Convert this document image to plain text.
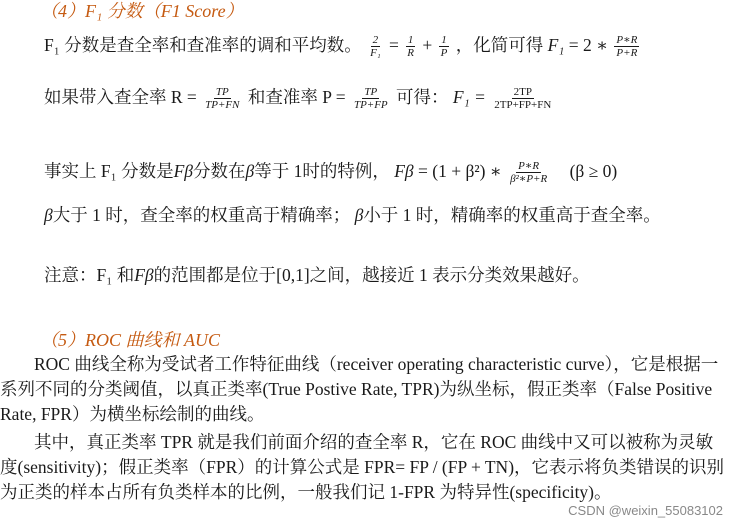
（4）F₁ 分数（F1 Score）
F₁ 分数是查全率和查准率的调和平均数。 $\frac{2}{\text{F₁}} = \frac{1}{R} + \frac{1}{P}$ ，化简可得 F₁ = 2 ∗ $\frac{P∗R}{P+R}$
如果带入查全率 $R = \frac{TP}{TP+FN}$ 和查准率 $P = \frac{TP}{TP+FP}$ 可得： $F_1 = \frac{2TP}{2TP+FP+FN}$
事实上 F₁ 分数是Fβ分数在β等于 1时的特例， Fβ = (1 + β²) ∗ $\frac{P∗R}{\text{β²∗P+R}} (\beta \ge 0)$
β大于 1 时，查全率的权重高于精确率； β小于 1 时，精确率的权重高于查全率。
注意：F₁ 和Fβ的范围都是位于[0,1]之间，越接近 1 表示分类效果越好。
（5）ROC 曲线和 AUC
ROC 曲线全称为受试者工作特征曲线（receiver operating characteristic curve），它是根据一系列不同的分类阈值，以真正类率(True Postive Rate, TPR)为纵坐标，假正类率（False Positive Rate, FPR）为横坐标绘制的曲线。
其中，真正类率 TPR 就是我们前面介绍的查全率 R，它在 ROC 曲线中又可以被称为灵敏度(sensitivity)；假正类率（FPR）的计算公式是 FPR= FP / (FP + TN)，它表示将负类错误的识别为正类的样本占所有负类样本的比例，一般我们记 1-FPR 为特异性(specificity)。
CSDN @weixin_55083102
